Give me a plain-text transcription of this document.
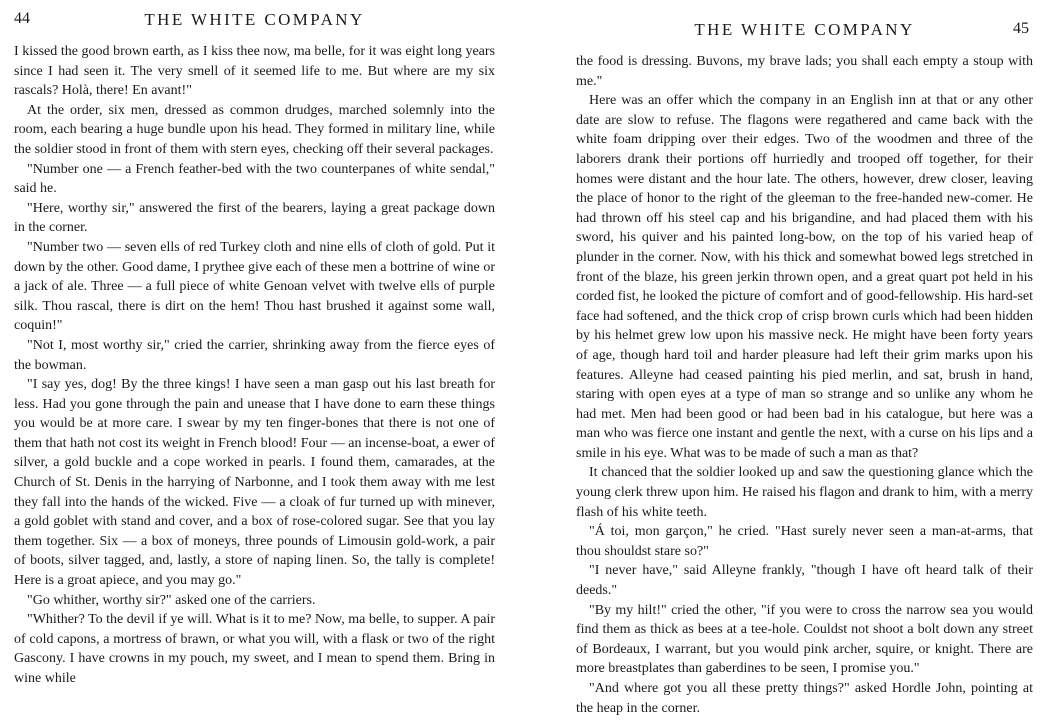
44	THE WHITE COMPANY

I kissed the good brown earth, as I kiss thee now, ma belle, for it was eight long years since I had seen it. The very smell of it seemed life to me. But where are my six rascals? Holà, there! En avant!"

At the order, six men, dressed as common drudges, marched solemnly into the room, each bearing a huge bundle upon his head. They formed in military line, while the soldier stood in front of them with stern eyes, checking off their several packages.

"Number one — a French feather-bed with the two counterpanes of white sendal," said he.

"Here, worthy sir," answered the first of the bearers, laying a great package down in the corner.

"Number two — seven ells of red Turkey cloth and nine ells of cloth of gold. Put it down by the other. Good dame, I prythee give each of these men a bottrine of wine or a jack of ale. Three — a full piece of white Genoan velvet with twelve ells of purple silk. Thou rascal, there is dirt on the hem! Thou hast brushed it against some wall, coquin!"

"Not I, most worthy sir," cried the carrier, shrinking away from the fierce eyes of the bowman.

"I say yes, dog! By the three kings! I have seen a man gasp out his last breath for less. Had you gone through the pain and unease that I have done to earn these things you would be at more care. I swear by my ten finger-bones that there is not one of them that hath not cost its weight in French blood! Four — an incense-boat, a ewer of silver, a gold buckle and a cope worked in pearls. I found them, camarades, at the Church of St. Denis in the harrying of Narbonne, and I took them away with me lest they fall into the hands of the wicked. Five — a cloak of fur turned up with minever, a gold goblet with stand and cover, and a box of rose-colored sugar. See that you lay them together. Six — a box of moneys, three pounds of Limousin gold-work, a pair of boots, silver tagged, and, lastly, a store of naping linen. So, the tally is complete! Here is a groat apiece, and you may go."

"Go whither, worthy sir?" asked one of the carriers.

"Whither? To the devil if ye will. What is it to me? Now, ma belle, to supper. A pair of cold capons, a mortress of brawn, or what you will, with a flask or two of the right Gascony. I have crowns in my pouch, my sweet, and I mean to spend them. Bring in wine while

THE WHITE COMPANY	45

the food is dressing. Buvons, my brave lads; you shall each empty a stoup with me."

Here was an offer which the company in an English inn at that or any other date are slow to refuse. The flagons were regathered and came back with the white foam dripping over their edges. Two of the woodmen and three of the laborers drank their portions off hurriedly and trooped off together, for their homes were distant and the hour late. The others, however, drew closer, leaving the place of honor to the right of the gleeman to the free-handed new-comer. He had thrown off his steel cap and his brigandine, and had placed them with his sword, his quiver and his painted long-bow, on the top of his varied heap of plunder in the corner. Now, with his thick and somewhat bowed legs stretched in front of the blaze, his green jerkin thrown open, and a great quart pot held in his corded fist, he looked the picture of comfort and of good-fellowship. His hard-set face had softened, and the thick crop of crisp brown curls which had been hidden by his helmet grew low upon his massive neck. He might have been forty years of age, though hard toil and harder pleasure had left their grim marks upon his features. Alleyne had ceased painting his pied merlin, and sat, brush in hand, staring with open eyes at a type of man so strange and so unlike any whom he had met. Men had been good or had been bad in his catalogue, but here was a man who was fierce one instant and gentle the next, with a curse on his lips and a smile in his eye. What was to be made of such a man as that?

It chanced that the soldier looked up and saw the questioning glance which the young clerk threw upon him. He raised his flagon and drank to him, with a merry flash of his white teeth.

"Á toi, mon garçon," he cried. "Hast surely never seen a man-at-arms, that thou shouldst stare so?"

"I never have," said Alleyne frankly, "though I have oft heard talk of their deeds."

"By my hilt!" cried the other, "if you were to cross the narrow sea you would find them as thick as bees at a tee-hole. Couldst not shoot a bolt down any street of Bordeaux, I warrant, but you would pink archer, squire, or knight. There are more breastplates than gaberdines to be seen, I promise you."

"And where got you all these pretty things?" asked Hordle John, pointing at the heap in the corner.
